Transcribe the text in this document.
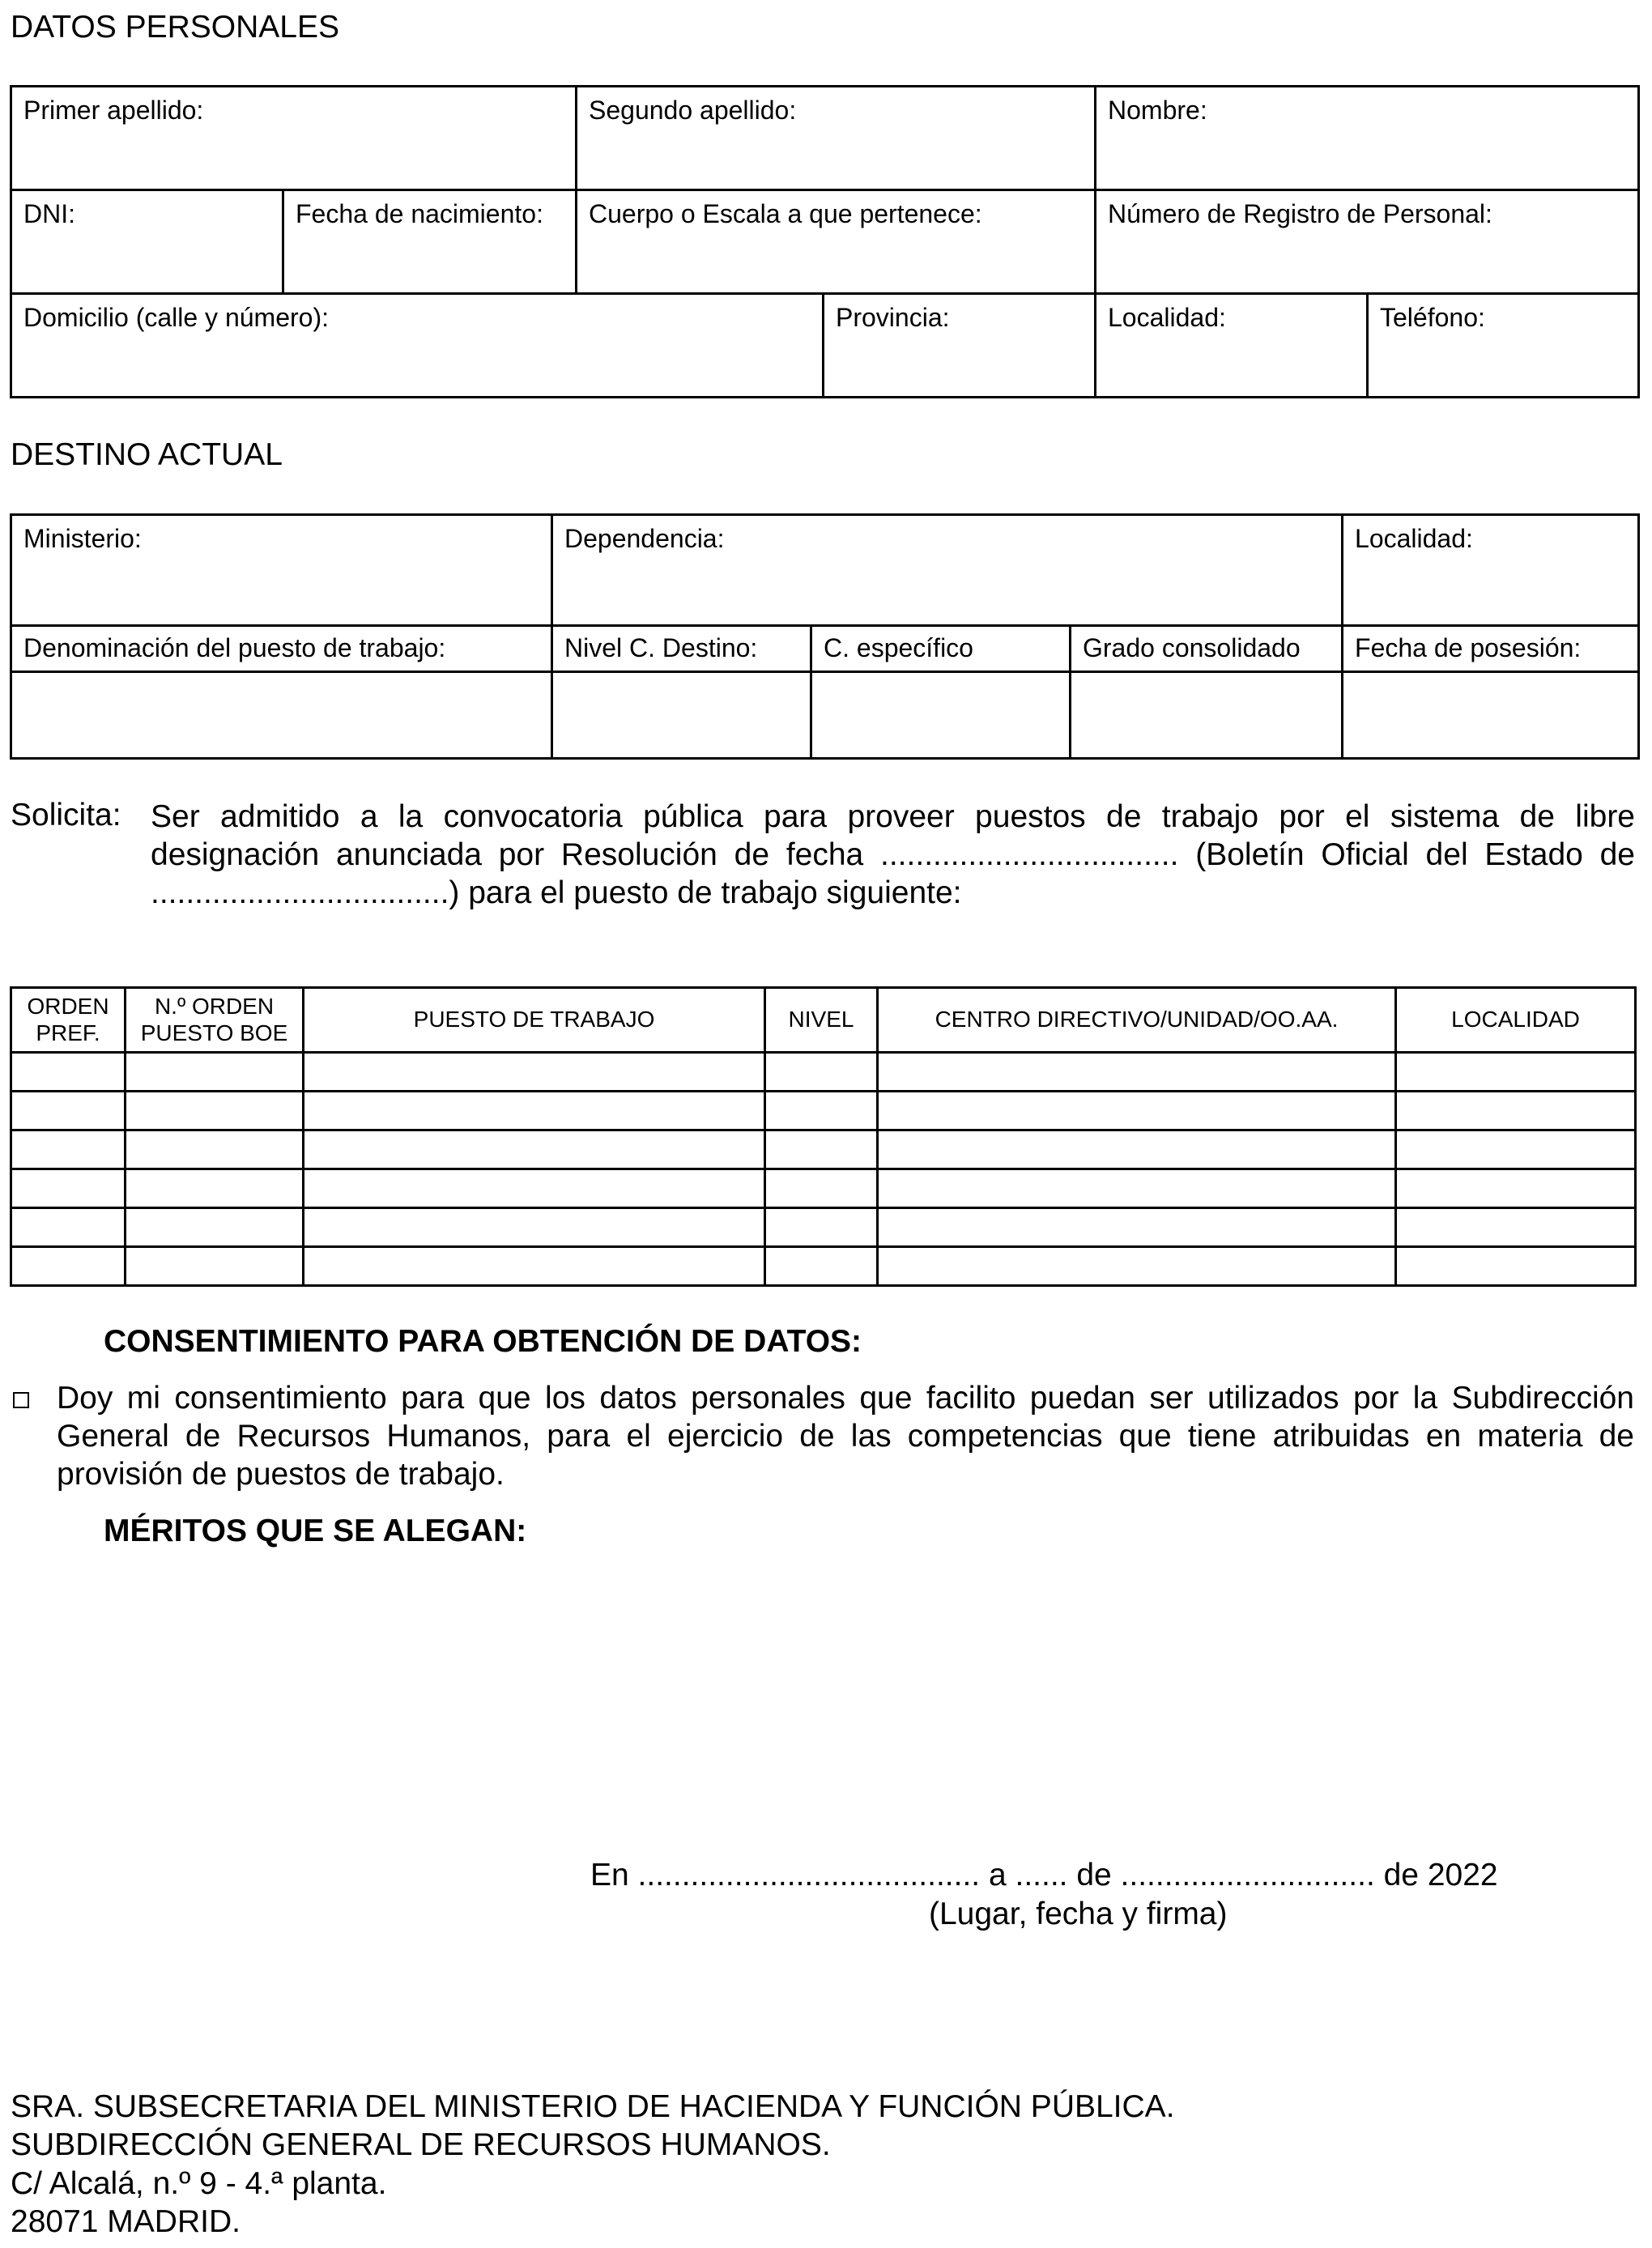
DATOS PERSONALES
Primer apellido:		Segundo apellido:		Nombre:	
DNI:	Fecha de nacimiento:	Cuerpo o Escala a que pertenece:		Número de Registro de Personal:	
Domicilio (calle y número):			Provincia:	Localidad:	Teléfono:
DESTINO ACTUAL
Ministerio:	Dependencia:			Localidad:
Denominación del puesto de trabajo:	Nivel C. Destino:	C. específico	Grado consolidado	Fecha de posesión:

Solicita: Ser admitido a la convocatoria pública para proveer puestos de trabajo por el sistema de libre designación anunciada por Resolución de fecha .................................. (Boletín Oficial del Estado de ..................................) para el puesto de trabajo siguiente:
ORDEN PREF.	N.º ORDEN PUESTO BOE	PUESTO DE TRABAJO	NIVEL	CENTRO DIRECTIVO/UNIDAD/OO.AA.	LOCALIDAD

CONSENTIMIENTO PARA OBTENCIÓN DE DATOS:
Doy mi consentimiento para que los datos personales que facilito puedan ser utilizados por la Subdirección General de Recursos Humanos, para el ejercicio de las competencias que tiene atribuidas en materia de provisión de puestos de trabajo.
MÉRITOS QUE SE ALEGAN:
En ....................................... a ...... de ............................. de 2022
(Lugar, fecha y firma)
SRA. SUBSECRETARIA DEL MINISTERIO DE HACIENDA Y FUNCIÓN PÚBLICA.
SUBDIRECCIÓN GENERAL DE RECURSOS HUMANOS.
C/ Alcalá, n.º 9 - 4.ª planta.
28071 MADRID.
